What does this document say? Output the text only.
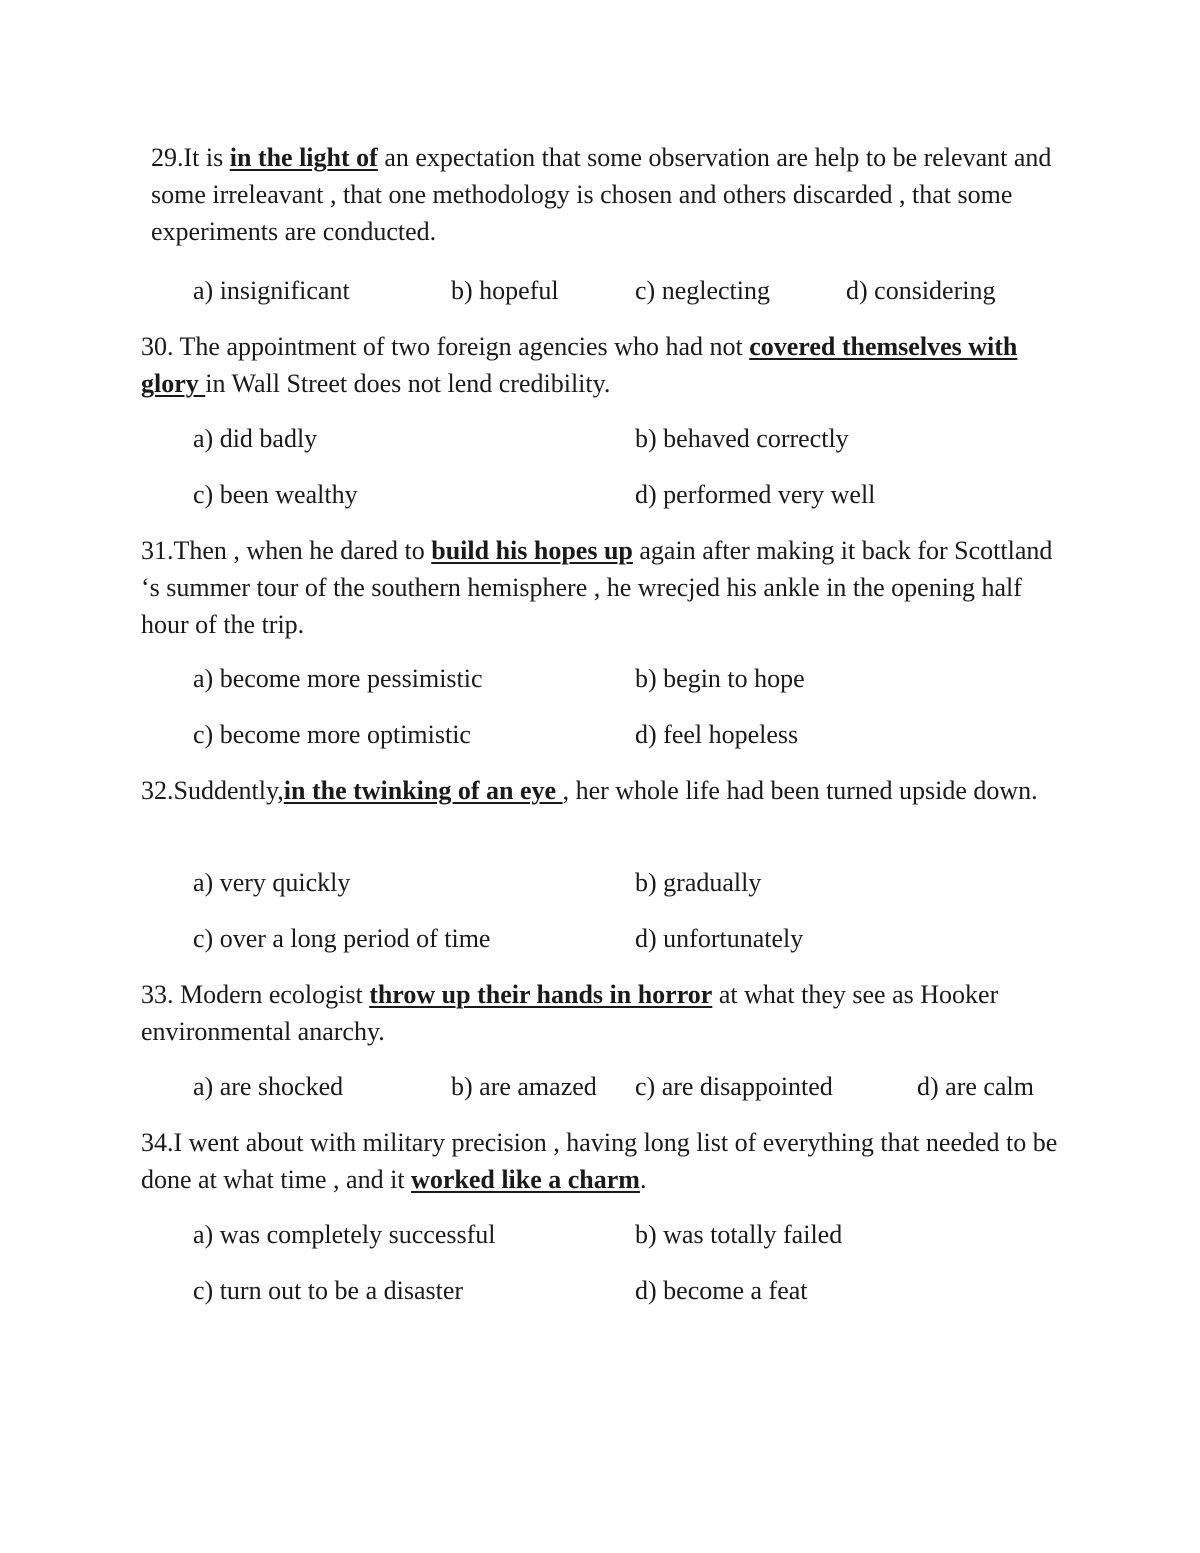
29.It is in the light of an expectation that some observation are help to be relevant and some irreleavant , that one methodology is chosen and others discarded , that some experiments are conducted.

a) insignificant	b) hopeful	c) neglecting	d) considering

30. The appointment of two foreign agencies who had not covered themselves with glory in Wall Street does not lend credibility.

a) did badly	b) behaved correctly
c) been wealthy	d) performed very well

31.Then , when he dared to build his hopes up again after making it back for Scottland ‘s summer tour of the southern hemisphere , he wrecjed his ankle in the opening half hour of the trip.

a) become more pessimistic	b) begin to hope
c) become more optimistic	d) feel hopeless

32.Suddently,in the twinking of an eye , her whole life had been turned upside down.

a) very quickly	b) gradually
c) over a long period of time	d) unfortunately

33. Modern ecologist throw up their hands in horror at what they see as Hooker environmental anarchy.

a) are shocked	b) are amazed c) are disappointed	d) are calm

34.I went about with military precision , having long list of everything that needed to be done at what time , and it worked like a charm.

a) was completely successful	b) was totally failed
c) turn out to be a disaster	d) become a feat
